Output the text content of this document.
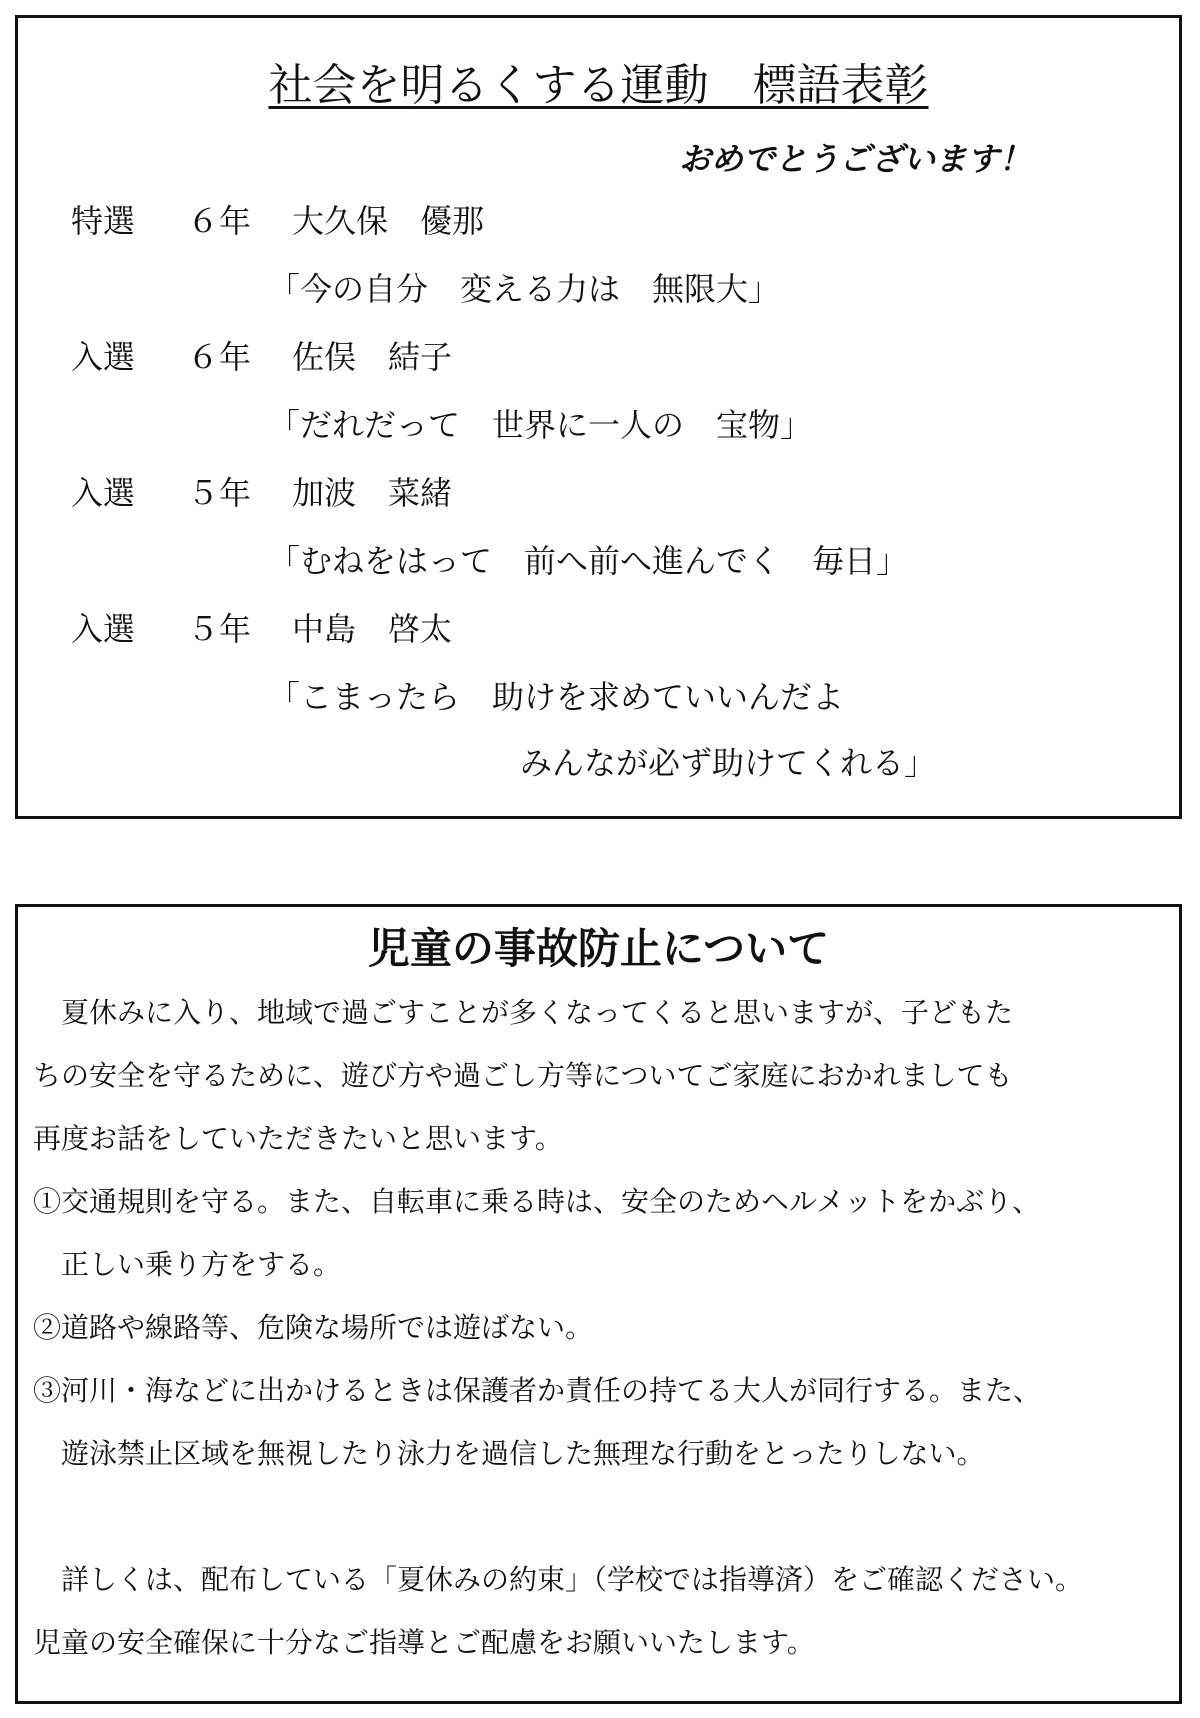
社会を明るくする運動　標語表彰
おめでとうございます！
特選 ６年 大久保　優那
「今の自分　変える力は　無限大」
入選 ６年 佐俣　結子
「だれだって　世界に一人の　宝物」
入選 ５年 加波　菜緒
「むねをはって　前へ前へ進んでく　毎日」
入選 ５年 中島　啓太
「こまったら　助けを求めていいんだよ
みんなが必ず助けてくれる」
児童の事故防止について
　夏休みに入り、地域で過ごすことが多くなってくると思いますが、子どもた
ちの安全を守るために、遊び方や過ごし方等についてご家庭におかれましても
再度お話をしていただきたいと思います。
①交通規則を守る。また、自転車に乗る時は、安全のためヘルメットをかぶり、
　正しい乗り方をする。
②道路や線路等、危険な場所では遊ばない。
③河川・海などに出かけるときは保護者か責任の持てる大人が同行する。また、
　遊泳禁止区域を無視したり泳力を過信した無理な行動をとったりしない。
　詳しくは、配布している「夏休みの約束」（学校では指導済）をご確認ください。
児童の安全確保に十分なご指導とご配慮をお願いいたします。
